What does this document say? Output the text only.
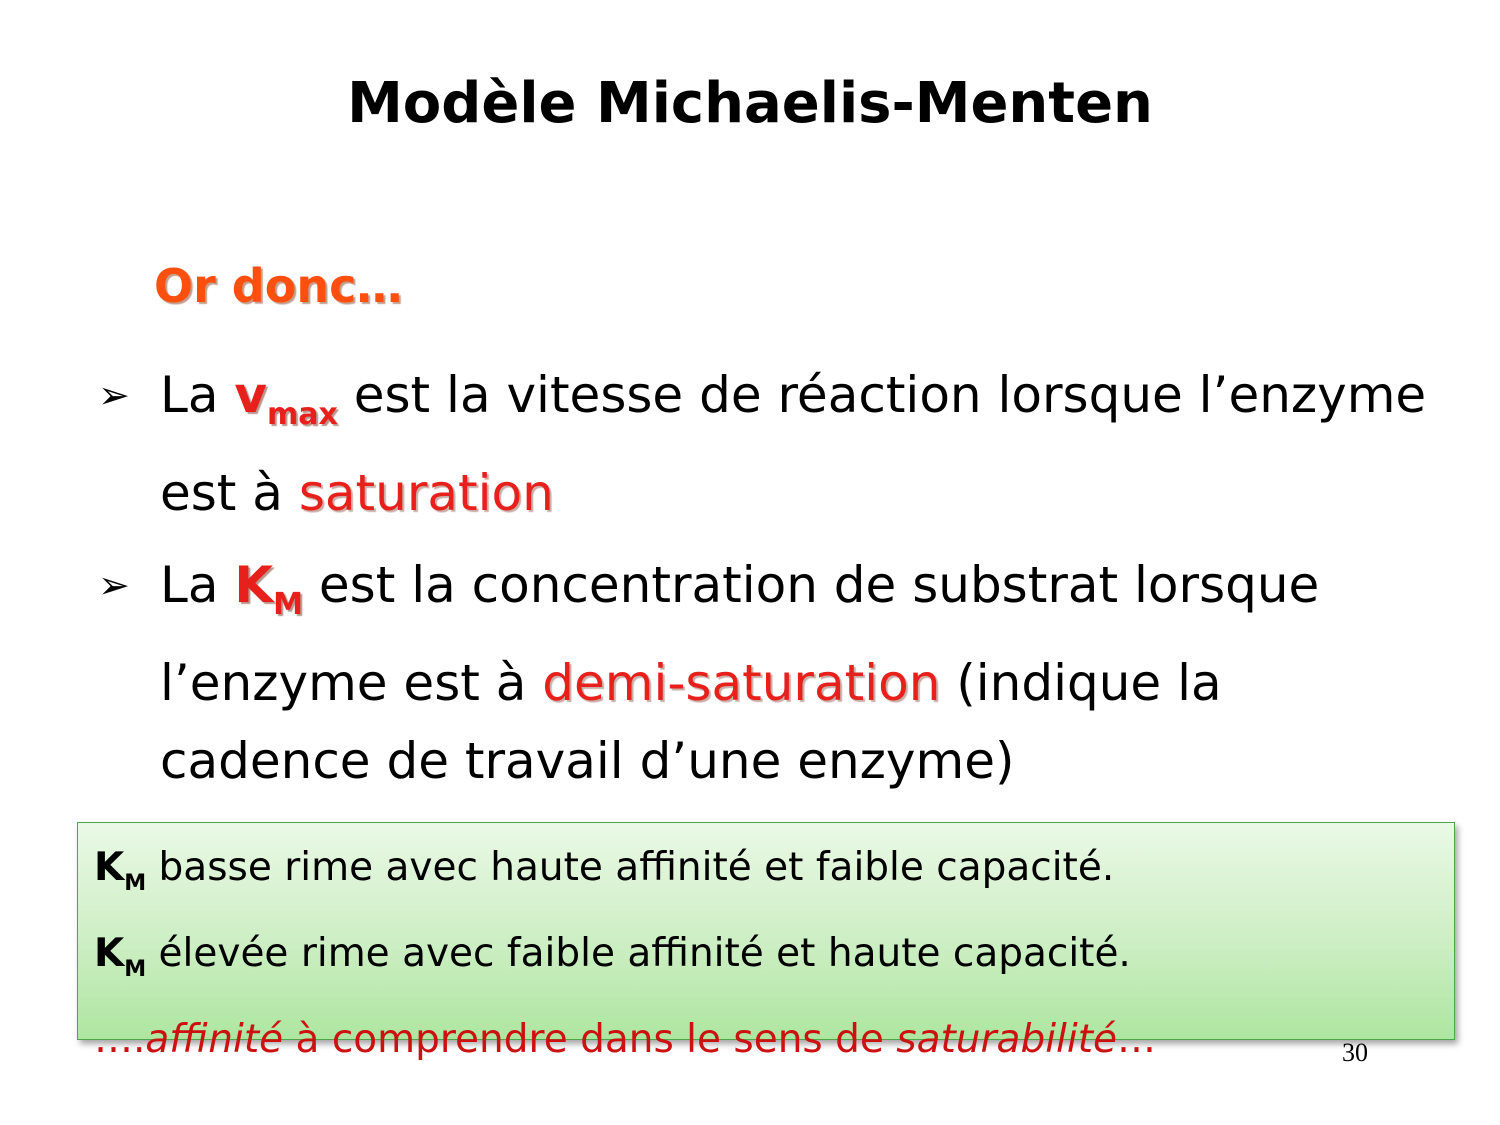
Modèle Michaelis-Menten
Or donc…
➢ La $v_{max}$ est la vitesse de réaction lorsque l’enzyme est à saturation
➢ La $K_M$ est la concentration de substrat lorsque l’enzyme est à demi-saturation (indique la cadence de travail d’une enzyme)
$K_M$ basse rime avec haute affinité et faible capacité.
$K_M$ élevée rime avec faible affinité et haute capacité.
….affinité à comprendre dans le sens de saturabilité…	30
